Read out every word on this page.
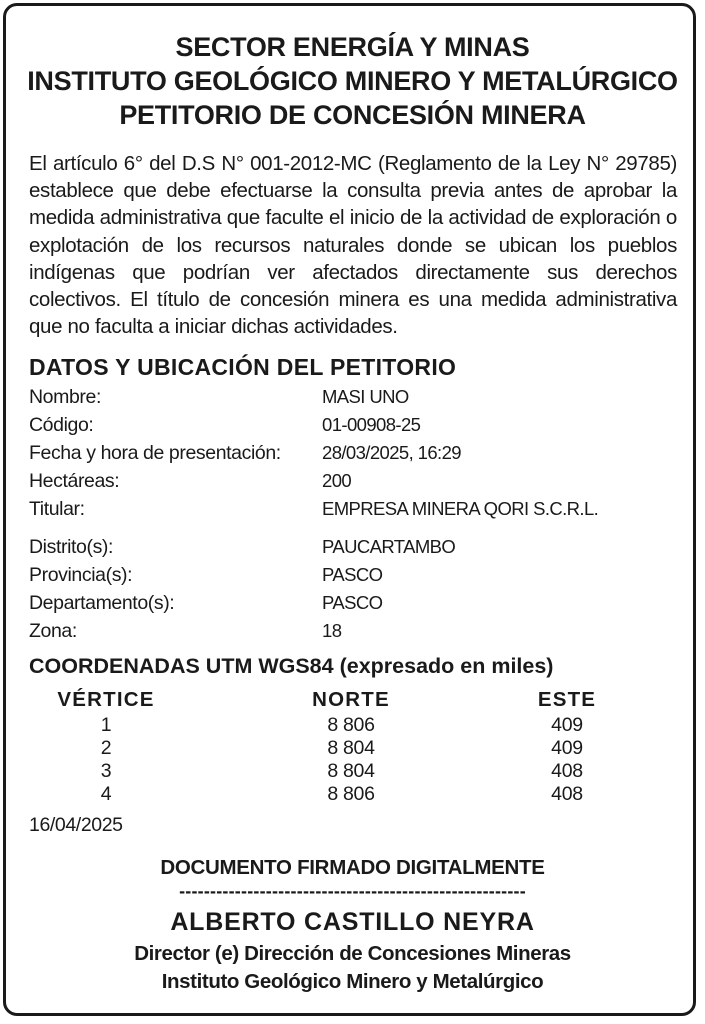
SECTOR ENERGÍA Y MINAS
INSTITUTO GEOLÓGICO MINERO Y METALÚRGICO
PETITORIO DE CONCESIÓN MINERA
El artículo 6° del D.S N° 001-2012-MC (Reglamento de la Ley N° 29785) establece que debe efectuarse la consulta previa antes de aprobar la medida administrativa que faculte el inicio de la actividad de exploración o explotación de los recursos naturales donde se ubican los pueblos indígenas que podrían ver afectados directamente sus derechos colectivos. El título de concesión minera es una medida administrativa que no faculta a iniciar dichas actividades.
DATOS Y UBICACIÓN DEL PETITORIO
Nombre:	MASI UNO
Código:	01-00908-25
Fecha y hora de presentación: 28/03/2025, 16:29
Hectáreas:	200
Titular:	EMPRESA MINERA QORI S.C.R.L.
Distrito(s):	PAUCARTAMBO
Provincia(s):	PASCO
Departamento(s):	PASCO
Zona:	18
COORDENADAS UTM WGS84 (expresado en miles)
VÉRTICE	NORTE	ESTE
1	8 806	409
2	8 804	409
3	8 804	408
4	8 806	408
16/04/2025
DOCUMENTO FIRMADO DIGITALMENTE
--------------------------------------------------------
ALBERTO CASTILLO NEYRA
Director (e) Dirección de Concesiones Mineras
Instituto Geológico Minero y Metalúrgico
